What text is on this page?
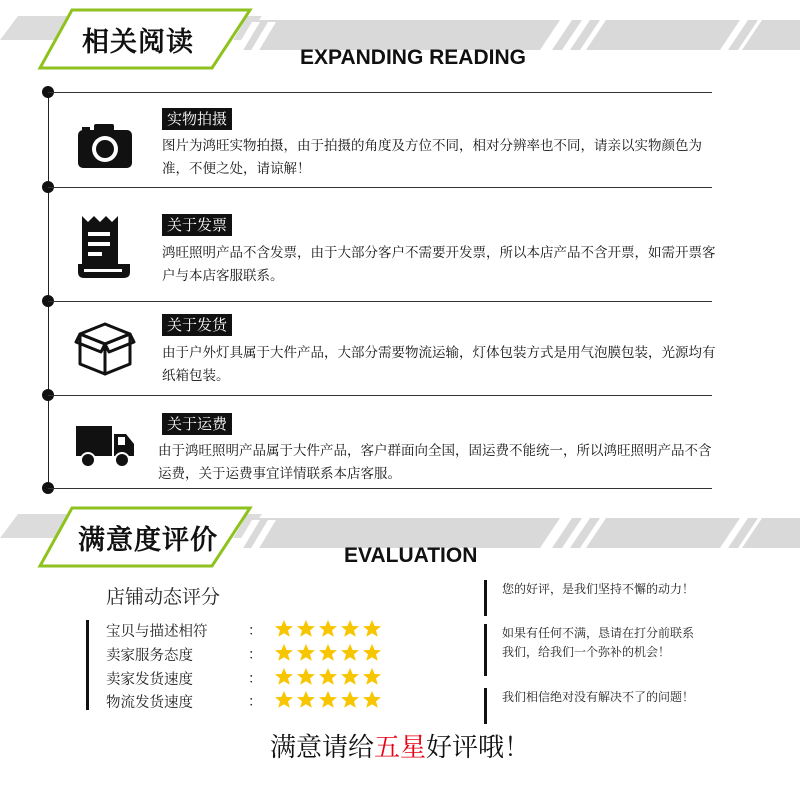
相关阅读	EXPANDING READING
实物拍摄
图片为鸿旺实物拍摄，由于拍摄的角度及方位不同，相对分辨率也不同，请亲以实物颜色为准，不便之处，请谅解！
关于发票
鸿旺照明产品不含发票，由于大部分客户不需要开发票，所以本店产品不含开票，如需开票客户与本店客服联系。
关于发货
由于户外灯具属于大件产品，大部分需要物流运输，灯体包装方式是用气泡膜包装，光源均有纸箱包装。
关于运费
由于鸿旺照明产品属于大件产品，客户群面向全国，固运费不能统一，所以鸿旺照明产品不含运费，关于运费事宜详情联系本店客服。
满意度评价	EVALUATION
店铺动态评分
宝贝与描述相符	：
卖家服务态度	：
卖家发货速度	：
物流发货速度	：
您的好评，是我们坚持不懈的动力！
如果有任何不满，恳请在打分前联系我们，给我们一个弥补的机会！
我们相信绝对没有解决不了的问题！
满意请给五星好评哦！
